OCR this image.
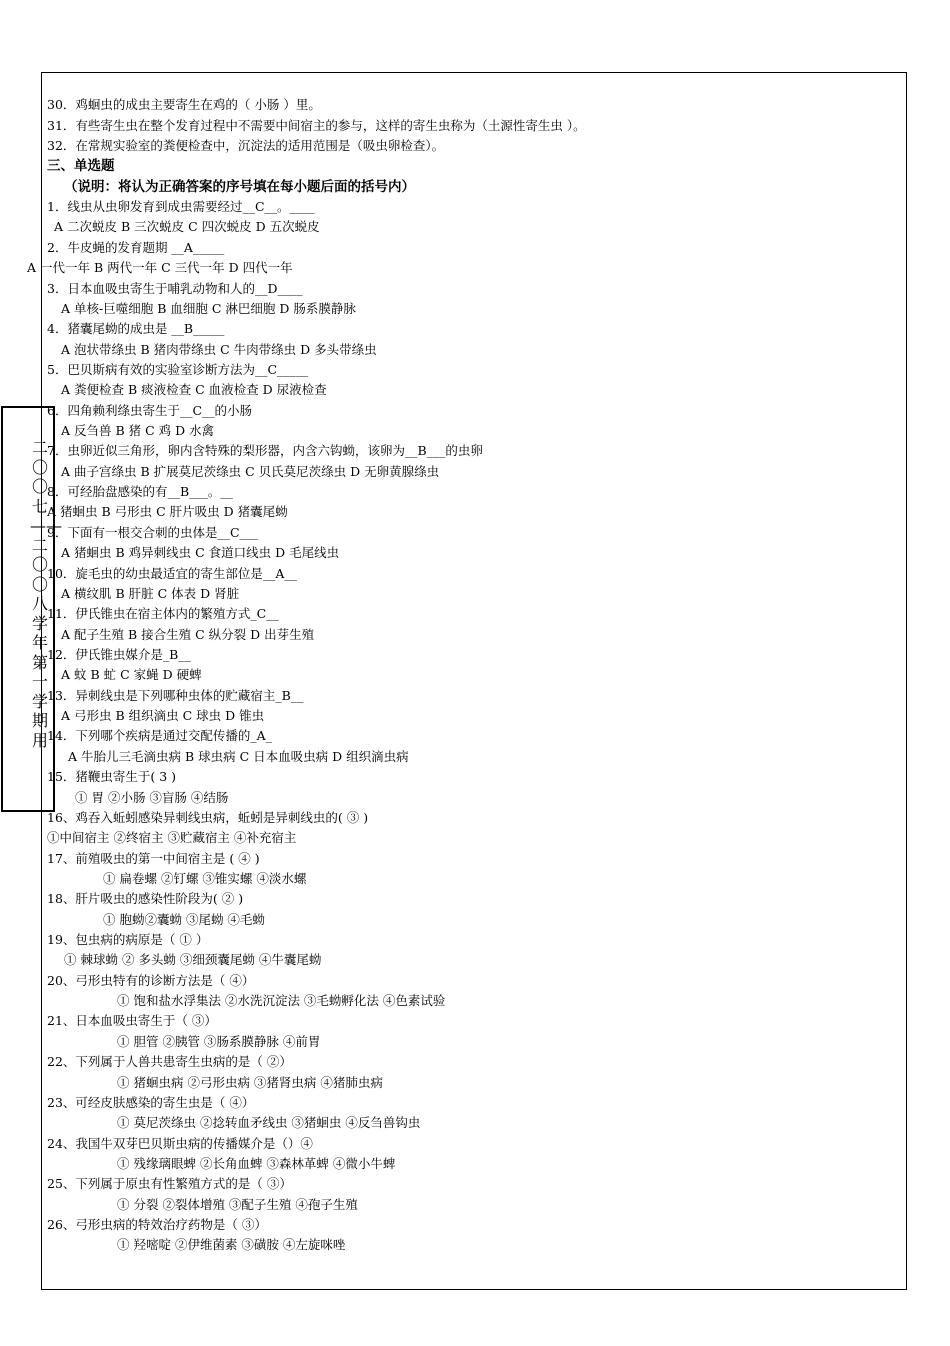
二〇〇七——二〇〇八学年第一学期用
30．鸡蛔虫的成虫主要寄生在鸡的（ 小肠 ）里。
31．有些寄生虫在整个发育过程中不需要中间宿主的参与，这样的寄生虫称为（土源性寄生虫 ）。
32．在常规实验室的粪便检查中，沉淀法的适用范围是（吸虫卵检查）。
三、单选题
（说明：将认为正确答案的序号填在每小题后面的括号内）
1．线虫从虫卵发育到成虫需要经过__C__。____
A 二次蜕皮 B 三次蜕皮 C 四次蜕皮 D 五次蜕皮
2．牛皮蝇的发育题期 __A_____
A 一代一年 B 两代一年 C 三代一年 D 四代一年
3．日本血吸虫寄生于哺乳动物和人的__D____
A 单核-巨噬细胞 B 血细胞 C 淋巴细胞 D 肠系膜静脉
4．猪囊尾蚴的成虫是 __B_____
A 泡状带绦虫 B 猪肉带绦虫 C 牛肉带绦虫 D 多头带绦虫
5．巴贝斯病有效的实验室诊断方法为__C_____
A 粪便检查 B 痰液检查 C 血液检查 D 尿液检查
6．四角赖利绦虫寄生于__C__的小肠
A 反刍兽 B 猪 C 鸡 D 水禽
7．虫卵近似三角形，卵内含特殊的梨形器，内含六钩蚴，该卵为__B___的虫卵
A 曲子宫绦虫 B 扩展莫尼茨绦虫 C 贝氏莫尼茨绦虫 D 无卵黄腺绦虫
8．可经胎盘感染的有__B___。__
A 猪蛔虫 B 弓形虫 C 肝片吸虫 D 猪囊尾蚴
9．下面有一根交合刺的虫体是__C___
A 猪蛔虫 B 鸡异刺线虫 C 食道口线虫 D 毛尾线虫
10．旋毛虫的幼虫最适宜的寄生部位是__A__
A 横纹肌 B 肝脏 C 体表 D 肾脏
11．伊氏锥虫在宿主体内的繁殖方式_C__
A 配子生殖 B 接合生殖 C 纵分裂 D 出芽生殖
12．伊氏锥虫媒介是_B__
A 蚊 B 虻 C 家蝇 D 硬蜱
13．异刺线虫是下列哪种虫体的贮藏宿主_B__
A 弓形虫 B 组织滴虫 C 球虫 D 锥虫
14．下列哪个疾病是通过交配传播的_A_
A 牛胎儿三毛滴虫病 B 球虫病 C 日本血吸虫病 D 组织滴虫病
15．猪鞭虫寄生于( 3 )
① 胃 ②小肠 ③盲肠 ④结肠
16、鸡吞入蚯蚓感染异刺线虫病，蚯蚓是异刺线虫的( ③ )
①中间宿主 ②终宿主 ③贮藏宿主 ④补充宿主
17、前殖吸虫的第一中间宿主是 ( ④ )
① 扁卷螺 ②钉螺 ③锥实螺 ④淡水螺
18、肝片吸虫的感染性阶段为( ② )
① 胞蚴②囊蚴 ③尾蚴 ④毛蚴
19、包虫病的病原是（ ① ）
① 棘球蚴 ② 多头蚴 ③细颈囊尾蚴 ④牛囊尾蚴
20、弓形虫特有的诊断方法是（ ④）
① 饱和盐水浮集法 ②水洗沉淀法 ③毛蚴孵化法 ④色素试验
21、日本血吸虫寄生于（ ③）
① 胆管 ②胰管 ③肠系膜静脉 ④前胃
22、下列属于人兽共患寄生虫病的是（ ②）
① 猪蛔虫病 ②弓形虫病 ③猪肾虫病 ④猪肺虫病
23、可经皮肤感染的寄生虫是（ ④）
① 莫尼茨绦虫 ②捻转血矛线虫 ③猪蛔虫 ④反刍兽钩虫
24、我国牛双芽巴贝斯虫病的传播媒介是（）④
① 残缘璃眼蜱 ②长角血蜱 ③森林革蜱 ④微小牛蜱
25、下列属于原虫有性繁殖方式的是（ ③）
① 分裂 ②裂体增殖 ③配子生殖 ④孢子生殖
26、弓形虫病的特效治疗药物是（ ③）
① 羟嘧啶 ②伊维菌素 ③磺胺 ④左旋咪唑
